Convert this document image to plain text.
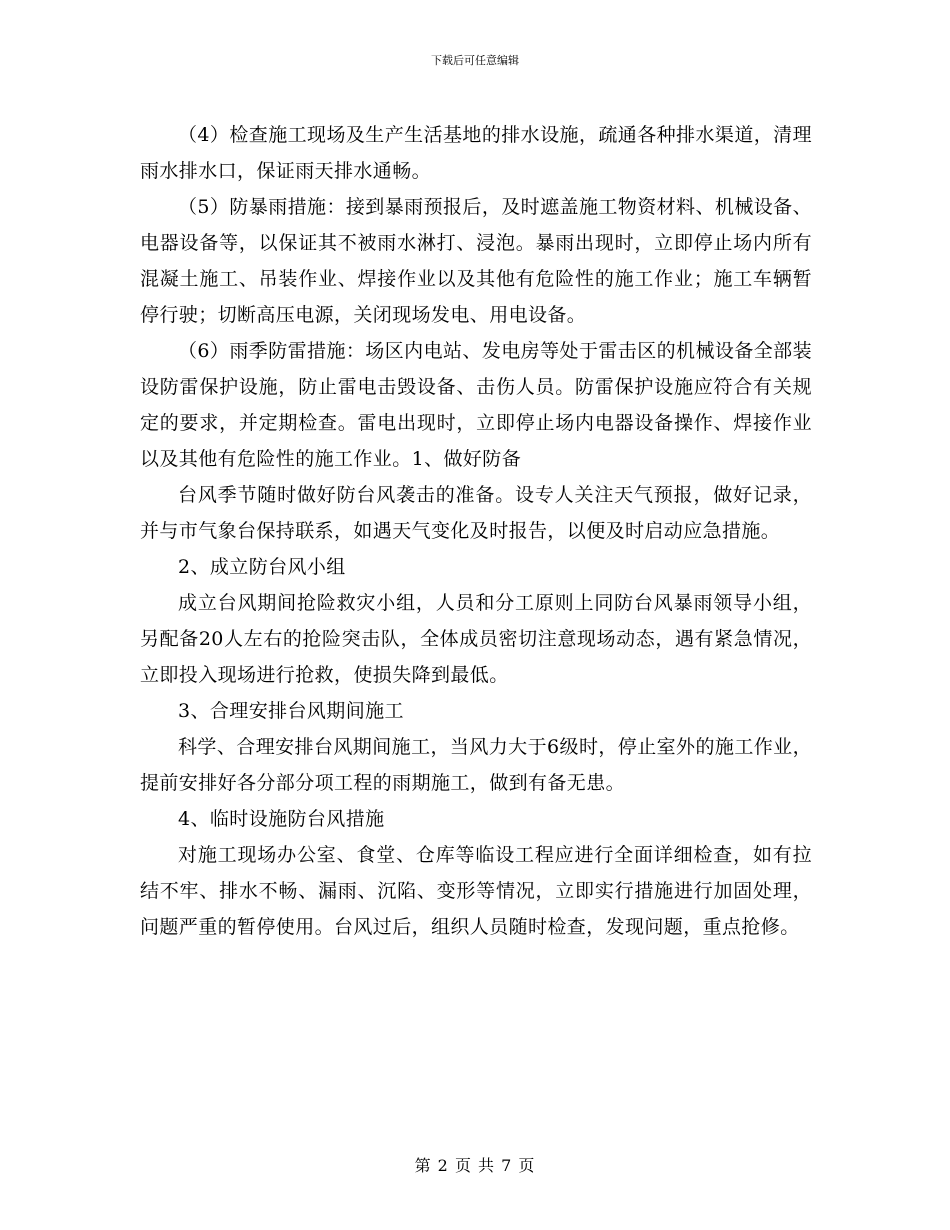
下载后可任意编辑

（4）检查施工现场及生产生活基地的排水设施，疏通各种排水渠道，清理雨水排水口，保证雨天排水通畅。

（5）防暴雨措施：接到暴雨预报后，及时遮盖施工物资材料、机械设备、电器设备等，以保证其不被雨水淋打、浸泡。暴雨出现时，立即停止场内所有混凝土施工、吊装作业、焊接作业以及其他有危险性的施工作业；施工车辆暂停行驶；切断高压电源，关闭现场发电、用电设备。

（6）雨季防雷措施：场区内电站、发电房等处于雷击区的机械设备全部装设防雷保护设施，防止雷电击毁设备、击伤人员。防雷保护设施应符合有关规定的要求，并定期检查。雷电出现时，立即停止场内电器设备操作、焊接作业以及其他有危险性的施工作业。1、做好防备

台风季节随时做好防台风袭击的准备。设专人关注天气预报，做好记录，并与市气象台保持联系，如遇天气变化及时报告，以便及时启动应急措施。

2、成立防台风小组

成立台风期间抢险救灾小组，人员和分工原则上同防台风暴雨领导小组，另配备20人左右的抢险突击队，全体成员密切注意现场动态，遇有紧急情况，立即投入现场进行抢救，使损失降到最低。

3、合理安排台风期间施工

科学、合理安排台风期间施工，当风力大于6级时，停止室外的施工作业，提前安排好各分部分项工程的雨期施工，做到有备无患。

4、临时设施防台风措施

对施工现场办公室、食堂、仓库等临设工程应进行全面详细检查，如有拉结不牢、排水不畅、漏雨、沉陷、变形等情况，立即实行措施进行加固处理，问题严重的暂停使用。台风过后，组织人员随时检查，发现问题，重点抢修。

第 2 页 共 7 页
